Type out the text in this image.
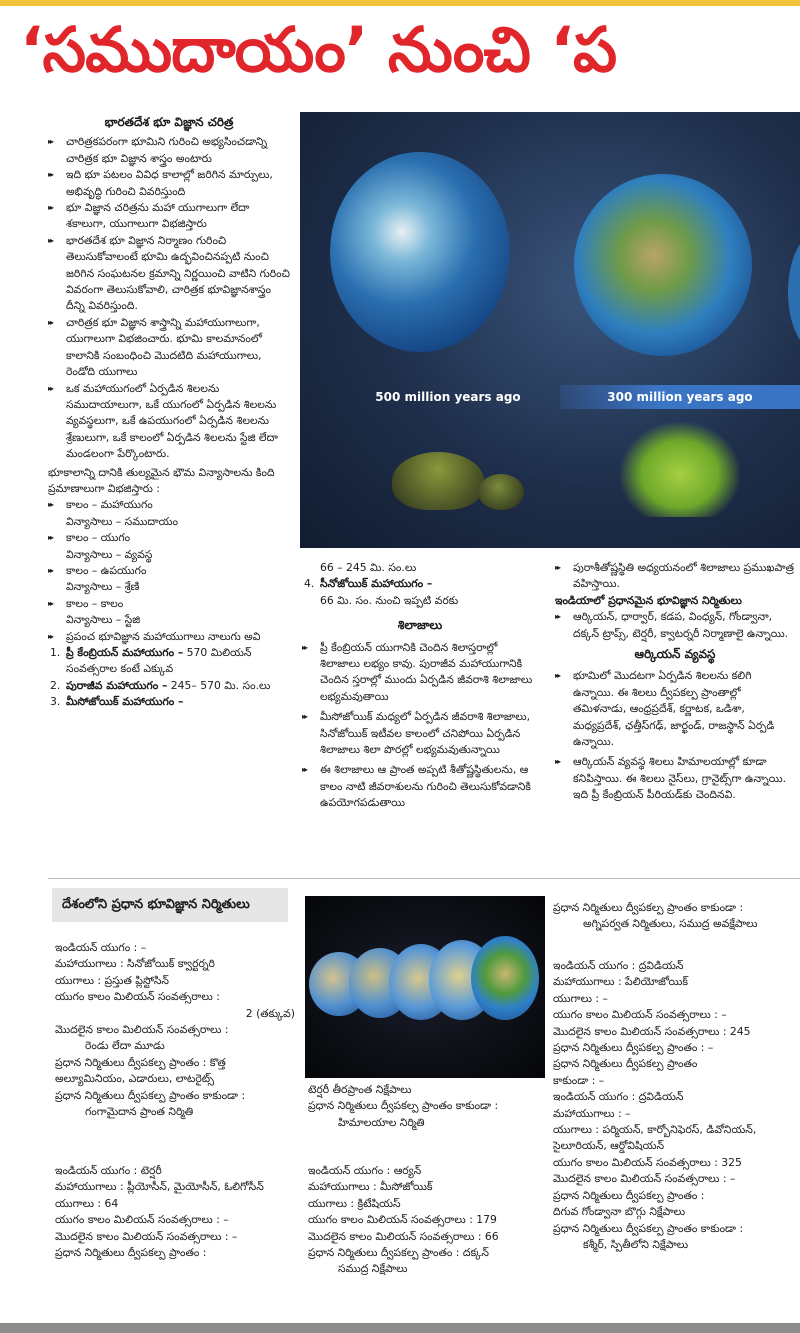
‘సముదాయం’ నుంచి ‘ప
భారతదేశ భూ విజ్ఞాన చరిత్ర
▸▸ చారిత్రకపరంగా భూమిని గురించి అభ్యసించడాన్ని చారిత్రక భూ విజ్ఞాన శాస్త్రం అంటారు
▸▸ ఇది భూ పటలం వివిధ కాలాల్లో జరిగిన మార్పులు, అభివృద్ధి గురించి వివరిస్తుంది
▸▸ భూ విజ్ఞాన చరిత్రను మహా యుగాలుగా లేదా శకాలుగా, యుగాలుగా విభజిస్తారు
▸▸ భారతదేశ భూ విజ్ఞాన నిర్మాణం గురించి తెలుసుకోవాలంటే భూమి ఉద్భవించినప్పటి నుంచి జరిగిన సంఘటనల క్రమాన్ని నిర్ణయించి వాటిని గురించి వివరంగా తెలుసుకోవాలి, చారిత్రక భూవిజ్ఞానశాస్త్రం దీన్ని వివరిస్తుంది.
▸▸ చారిత్రక భూ విజ్ఞాన శాస్త్రాన్ని మహాయుగాలుగా, యుగాలుగా విభజించారు. భూమి కాలమానంలో కాలానికి సంబంధించి మొదటిది మహాయుగాలు, రెండోది యుగాలు
▸▸ ఒక మహాయుగంలో ఏర్పడిన శిలలను సముదాయాలుగా, ఒకే యుగంలో ఏర్పడిన శిలలను వ్యవస్థలుగా, ఒకే ఉపయుగంలో ఏర్పడిన శిలలను శ్రేణులుగా, ఒకే కాలంలో ఏర్పడిన శిలలను స్టేజి లేదా మండలంగా పేర్కొంటారు.
భూకాలాన్ని దానికి తుల్యమైన భౌమ విన్యాసాలను కింది ప్రమాణాలుగా విభజిస్తారు :
▸▸ కాలం – మహాయుగం
విన్యాసాలు – సముదాయం
▸▸ కాలం – యుగం
విన్యాసాలు – వ్యవస్థ
▸▸ కాలం – ఉపయుగం
విన్యాసాలు – శ్రేణి
▸▸ కాలం – కాలం
విన్యాసాలు – స్టేజి
▸▸ ప్రపంచ భూవిజ్ఞాన మహాయుగాలు నాలుగు అవి
1. ప్రీ కేంబ్రియన్ మహాయుగం – 570 మిలియన్ సంవత్సరాల కంటే ఎక్కువ
2. పురాజీవ మహాయుగం – 245– 570 మి. సం.లు
3. మీసోజోయిక్ మహాయుగం –
500 million years ago	300 million years ago
66 – 245 మి. సం.లు
4. సీనోజోయిక్ మహాయుగం –
66 మి. సం. నుంచి ఇప్పటి వరకు
శిలాజాలు
▸▸ ప్రీ కేంబ్రియన్ యుగానికి చెందిన శిలాస్తరాల్లో శిలాజాలు లభ్యం కావు. పురాజీవ మహాయుగానికి చెందిన స్తరాల్లో ముందు ఏర్పడిన జీవరాశి శిలాజాలు లభ్యమవుతాయి
▸▸ మీసోజోయిక్ మధ్యలో ఏర్పడిన జీవరాశి శిలాజాలు, సినోజోయిక్ ఇటీవల కాలంలో చనిపోయి ఏర్పడిన శిలాజాలు శిలా పొరల్లో లభ్యమవుతున్నాయి
▸▸ ఈ శిలాజాలు ఆ ప్రాంత అప్పటి శీతోష్ణస్థితులను, ఆ కాలం నాటి జీవరాశులను గురించి తెలుసుకోవడానికి ఉపయోగపడుతాయి
▸▸ పురాశీతోష్ణస్థితి అధ్యయనంలో శిలాజాలు ప్రముఖపాత్ర వహిస్తాయి.
ఇండియాలో ప్రధానమైన భూవిజ్ఞాన నిర్మితులు
▸▸ ఆర్కియన్, ధార్వార్, కడప, వింధ్యన్, గోండ్వానా, దక్కన్ ట్రాప్స్, టెర్షరీ, క్వాటర్నరీ నిర్మాణాలై ఉన్నాయి.
ఆర్కియన్ వ్యవస్థ
▸▸ భూమిలో మొదటగా ఏర్పడిన శిలలను కలిగి ఉన్నాయి. ఈ శిలలు ద్వీపకల్ప ప్రాంతాల్లో తమిళనాడు, ఆంధ్రప్రదేశ్, కర్ణాటక, ఒడిశా, మధ్యప్రదేశ్, ఛత్తీస్‌గఢ్, జార్ఖండ్, రాజస్థాన్ ఏర్పడి ఉన్నాయి.
▸▸ ఆర్కియన్ వ్యవస్థ శిలలు హిమాలయాల్లో కూడా కనిపిస్తాయి. ఈ శిలలు నైస్‌లు, గ్రానైట్స్‌గా ఉన్నాయి. ఇది ప్రీ కేంబ్రియన్ పీరియడ్‌కు చెందినవి.
దేశంలోని ప్రధాన భూవిజ్ఞాన నిర్మితులు
ఇండియన్ యుగం : –
మహాయుగాలు : సినోజోయిక్ క్వార్టర్నరి
యుగాలు : ప్రస్తుత ప్లిస్టోసిన్
యుగం కాలం మిలియన్ సంవత్సరాలు :
2 (తక్కువ)
మొదలైన కాలం మిలియన్ సంవత్సరాలు :
రెండు లేదా మూడు
ప్రధాన నిర్మితులు ద్వీపకల్ప ప్రాంతం : కొత్త అల్యూమినియం, ఎడారులు, లాటరైట్స్
ప్రధాన నిర్మితులు ద్వీపకల్ప ప్రాంతం కాకుండా :
గంగామైదాన ప్రాంత నిర్మితి
ఇండియన్ యుగం : టెర్షరీ
మహాయుగాలు : ప్లీయోసీన్, మైయోసీన్, ఓలిగోసీన్
యుగాలు : 64
యుగం కాలం మిలియన్ సంవత్సరాలు : –
మొదలైన కాలం మిలియన్ సంవత్సరాలు : –
ప్రధాన నిర్మితులు ద్వీపకల్ప ప్రాంతం :
టెర్షరీ తీరప్రాంత నిక్షేపాలు
ప్రధాన నిర్మితులు ద్వీపకల్ప ప్రాంతం కాకుండా :
హిమాలయాల నిర్మితి
ఇండియన్ యుగం : ఆర్యన్
మహాయుగాలు : మీసోజోయిక్
యుగాలు : క్రిటేషియస్
యుగం కాలం మిలియన్ సంవత్సరాలు : 179
మొదలైన కాలం మిలియన్ సంవత్సరాలు : 66
ప్రధాన నిర్మితులు ద్వీపకల్ప ప్రాంతం : దక్కన్
సముద్ర నిక్షేపాలు
ప్రధాన నిర్మితులు ద్వీపకల్ప ప్రాంతం కాకుండా :
అగ్నిపర్వత నిర్మితులు, సముద్ర అవక్షేపాలు
ఇండియన్ యుగం : ద్రవిడియన్
మహాయుగాలు : పేలియోజోయిక్
యుగాలు : –
యుగం కాలం మిలియన్ సంవత్సరాలు : –
మొదలైన కాలం మిలియన్ సంవత్సరాలు : 245
ప్రధాన నిర్మితులు ద్వీపకల్ప ప్రాంతం : –
ప్రధాన నిర్మితులు ద్వీపకల్ప ప్రాంతం
కాకుండా : –
ఇండియన్ యుగం : ద్రవిడియన్
మహాయుగాలు : –
యుగాలు : పర్మియన్, కార్బోనిఫెరస్, డివోనియన్, సైలూరియన్, ఆర్డోవిషియన్
యుగం కాలం మిలియన్ సంవత్సరాలు : 325
మొదలైన కాలం మిలియన్ సంవత్సరాలు : –
ప్రధాన నిర్మితులు ద్వీపకల్ప ప్రాంతం :
దిగువ గోండ్వానా బొగ్గు నిక్షేపాలు
ప్రధాన నిర్మితులు ద్వీపకల్ప ప్రాంతం కాకుండా :
కశ్మీర్, స్పితీలోని నిక్షేపాలు
